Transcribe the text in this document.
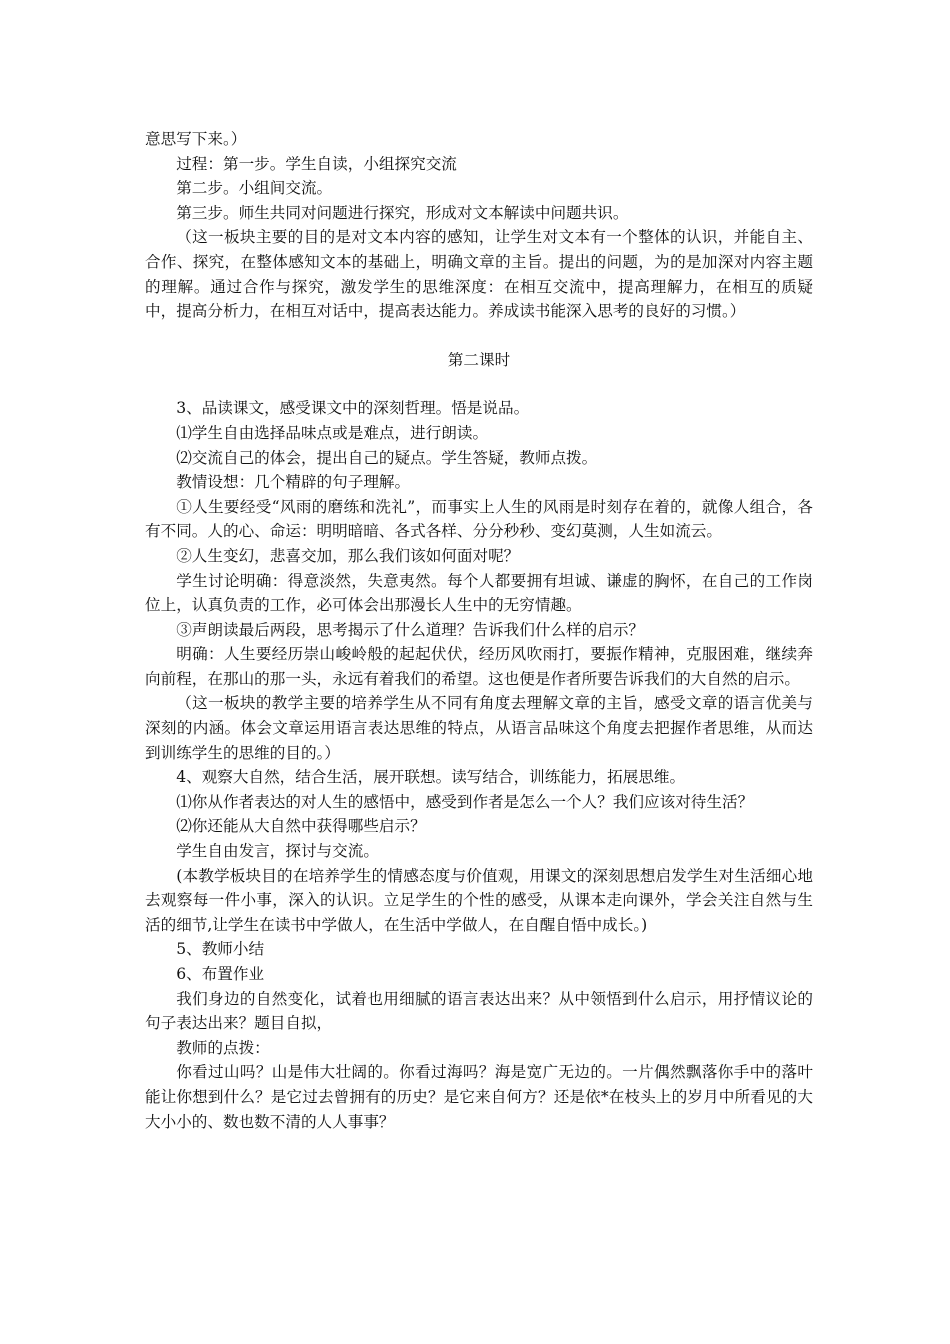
意思写下来。）

过程：第一步。学生自读，小组探究交流

第二步。小组间交流。

第三步。师生共同对问题进行探究，形成对文本解读中问题共识。

（这一板块主要的目的是对文本内容的感知，让学生对文本有一个整体的认识，并能自主、合作、探究，在整体感知文本的基础上，明确文章的主旨。提出的问题，为的是加深对内容主题的理解。通过合作与探究，激发学生的思维深度：在相互交流中，提高理解力，在相互的质疑中，提高分析力，在相互对话中，提高表达能力。养成读书能深入思考的良好的习惯。）

第二课时

3、品读课文，感受课文中的深刻哲理。悟是说品。

⑴学生自由选择品味点或是难点，进行朗读。

⑵交流自己的体会，提出自己的疑点。学生答疑，教师点拨。

教情设想：几个精辟的句子理解。

①人生要经受“风雨的磨练和洗礼”，而事实上人生的风雨是时刻存在着的，就像人组合，各有不同。人的心、命运：明明暗暗、各式各样、分分秒秒、变幻莫测，人生如流云。

②人生变幻，悲喜交加，那么我们该如何面对呢？

学生讨论明确：得意淡然，失意夷然。每个人都要拥有坦诚、谦虚的胸怀，在自己的工作岗位上，认真负责的工作，必可体会出那漫长人生中的无穷情趣。

③声朗读最后两段，思考揭示了什么道理？告诉我们什么样的启示？

明确：人生要经历崇山峻岭般的起起伏伏，经历风吹雨打，要振作精神，克服困难，继续奔向前程，在那山的那一头，永远有着我们的希望。这也便是作者所要告诉我们的大自然的启示。

（这一板块的教学主要的培养学生从不同有角度去理解文章的主旨，感受文章的语言优美与深刻的内涵。体会文章运用语言表达思维的特点，从语言品味这个角度去把握作者思维，从而达到训练学生的思维的目的。）

4、观察大自然，结合生活，展开联想。读写结合，训练能力，拓展思维。

⑴你从作者表达的对人生的感悟中，感受到作者是怎么一个人？我们应该对待生活？

⑵你还能从大自然中获得哪些启示？

学生自由发言，探讨与交流。

(本教学板块目的在培养学生的情感态度与价值观，用课文的深刻思想启发学生对生活细心地去观察每一件小事，深入的认识。立足学生的个性的感受，从课本走向课外，学会关注自然与生活的细节,让学生在读书中学做人，在生活中学做人，在自醒自悟中成长。)

5、教师小结

6、布置作业

我们身边的自然变化，试着也用细腻的语言表达出来？从中领悟到什么启示，用抒情议论的句子表达出来？题目自拟，

教师的点拨：

你看过山吗？山是伟大壮阔的。你看过海吗？海是宽广无边的。一片偶然飘落你手中的落叶能让你想到什么？是它过去曾拥有的历史？是它来自何方？还是依*在枝头上的岁月中所看见的大大小小的、数也数不清的人人事事？
